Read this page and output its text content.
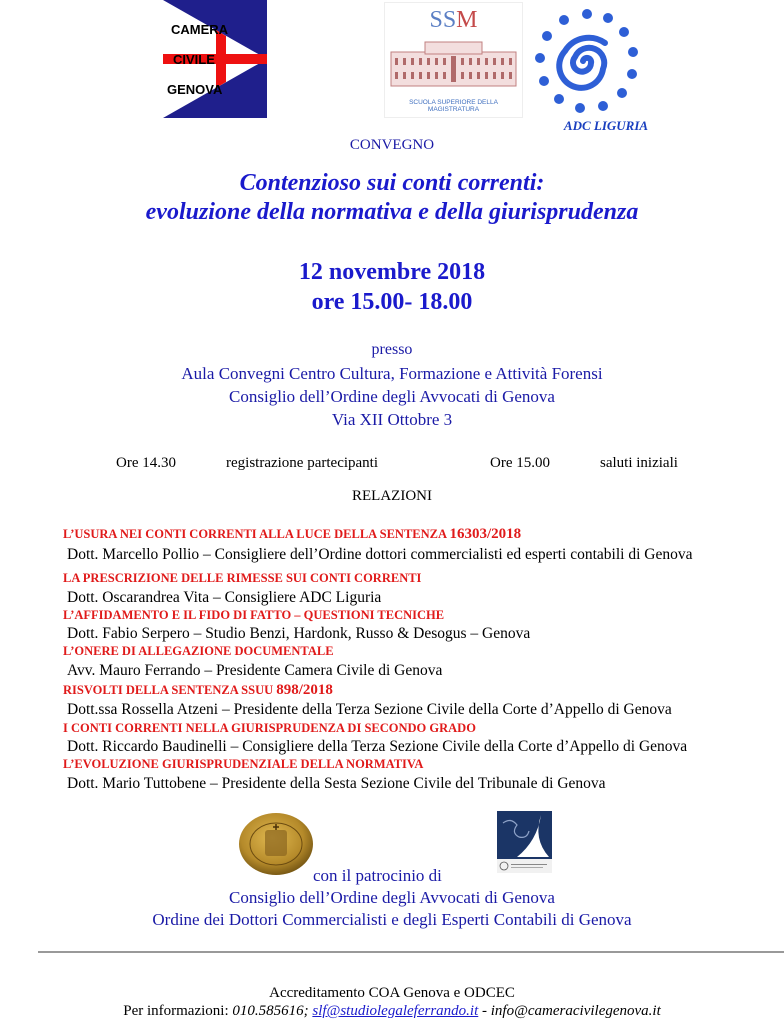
CAMERA
CIVILE
GENOVA
SSM
SCUOLA SUPERIORE DELLA MAGISTRATURA
ADC LIGURIA
CONVEGNO
Contenzioso sui conti correnti:
evoluzione della normativa e della giurisprudenza
12 novembre 2018
ore 15.00- 18.00
presso
Aula Convegni Centro Cultura, Formazione e Attività Forensi
Consiglio dell’Ordine degli Avvocati di Genova
Via XII Ottobre 3
Ore 14.30	registrazione partecipanti	Ore 15.00	saluti iniziali
RELAZIONI
L’USURA NEI CONTI CORRENTI ALLA LUCE DELLA SENTENZA 16303/2018
Dott. Marcello Pollio – Consigliere dell’Ordine dottori commercialisti ed esperti contabili di Genova
LA PRESCRIZIONE DELLE RIMESSE SUI CONTI CORRENTI
Dott. Oscarandrea Vita – Consigliere ADC Liguria
L’AFFIDAMENTO E IL FIDO DI FATTO – QUESTIONI TECNICHE
Dott. Fabio Serpero – Studio Benzi, Hardonk, Russo & Desogus – Genova
L’ONERE DI ALLEGAZIONE DOCUMENTALE
Avv. Mauro Ferrando – Presidente Camera Civile di Genova
RISVOLTI DELLA SENTENZA SSUU 898/2018
Dott.ssa Rossella Atzeni – Presidente della Terza Sezione Civile della Corte d’Appello di Genova
I CONTI CORRENTI NELLA GIURISPRUDENZA DI SECONDO GRADO
Dott. Riccardo Baudinelli – Consigliere della Terza Sezione Civile della Corte d’Appello di Genova
L’EVOLUZIONE GIURISPRUDENZIALE DELLA NORMATIVA
Dott. Mario Tuttobene – Presidente della Sesta Sezione Civile del Tribunale di Genova
con il patrocinio di
Consiglio dell’Ordine degli Avvocati di Genova
Ordine dei Dottori Commercialisti e degli Esperti Contabili di Genova
Accreditamento COA Genova e ODCEC
Per informazioni: 010.585616; slf@studiolegaleferrando.it - info@cameracivilegenova.it
